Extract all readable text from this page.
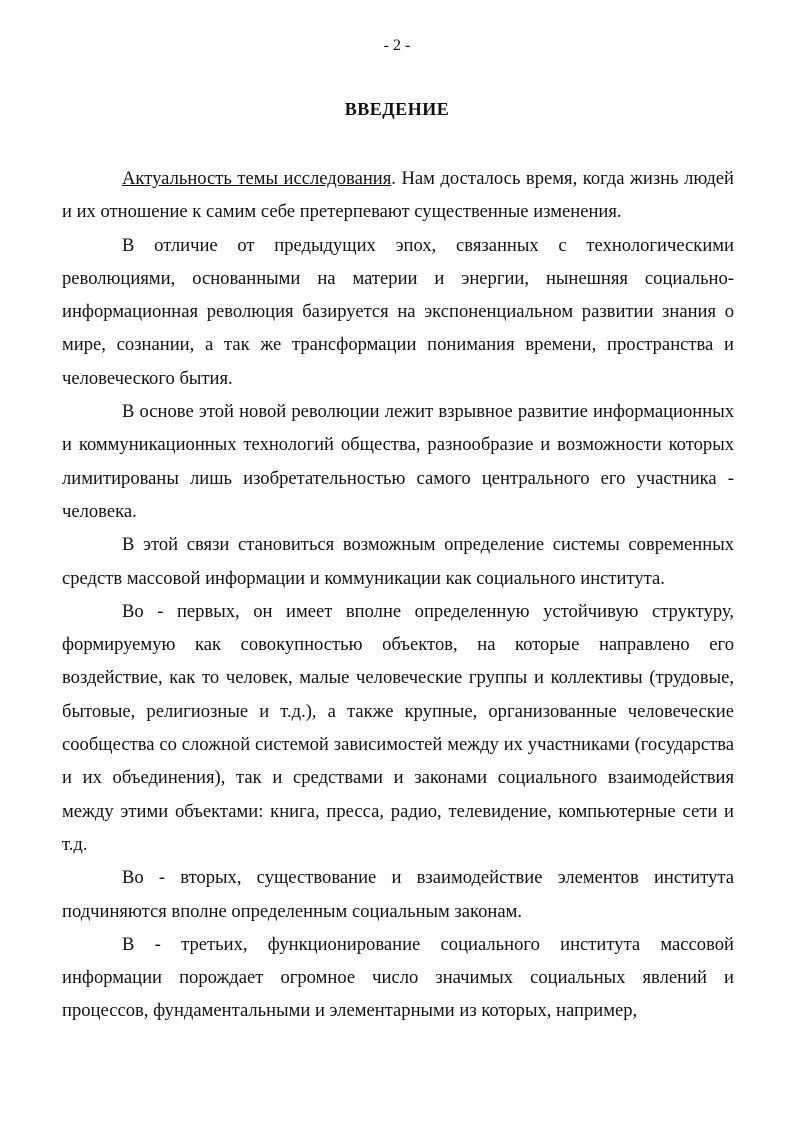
- 2 -
ВВЕДЕНИЕ

Актуальность темы исследования. Нам досталось время, когда жизнь людей и их отношение к самим себе претерпевают существенные изменения.

В отличие от предыдущих эпох, связанных с технологическими революциями, основанными на материи и энергии, нынешняя социально-информационная революция базируется на экспоненциальном развитии знания о мире, сознании, а так же трансформации понимания времени, пространства и человеческого бытия.

В основе этой новой революции лежит взрывное развитие информационных и коммуникационных технологий общества, разнообразие и возможности которых лимитированы лишь изобретательностью самого центрального его участника - человека.

В этой связи становиться возможным определение системы современных средств массовой информации и коммуникации как социального института.

Во - первых, он имеет вполне определенную устойчивую структуру, формируемую как совокупностью объектов, на которые направлено его воздействие, как то человек, малые человеческие группы и коллективы (трудовые, бытовые, религиозные и т.д.), а также крупные, организованные человеческие сообщества со сложной системой зависимостей между их участниками (государства и их объединения), так и средствами и законами социального взаимодействия между этими объектами: книга, пресса, радио, телевидение, компьютерные сети и т.д.

Во - вторых, существование и взаимодействие элементов института подчиняются вполне определенным социальным законам.

В - третьих, функционирование социального института массовой информации порождает огромное число значимых социальных явлений и процессов, фундаментальными и элементарными из которых, например,
